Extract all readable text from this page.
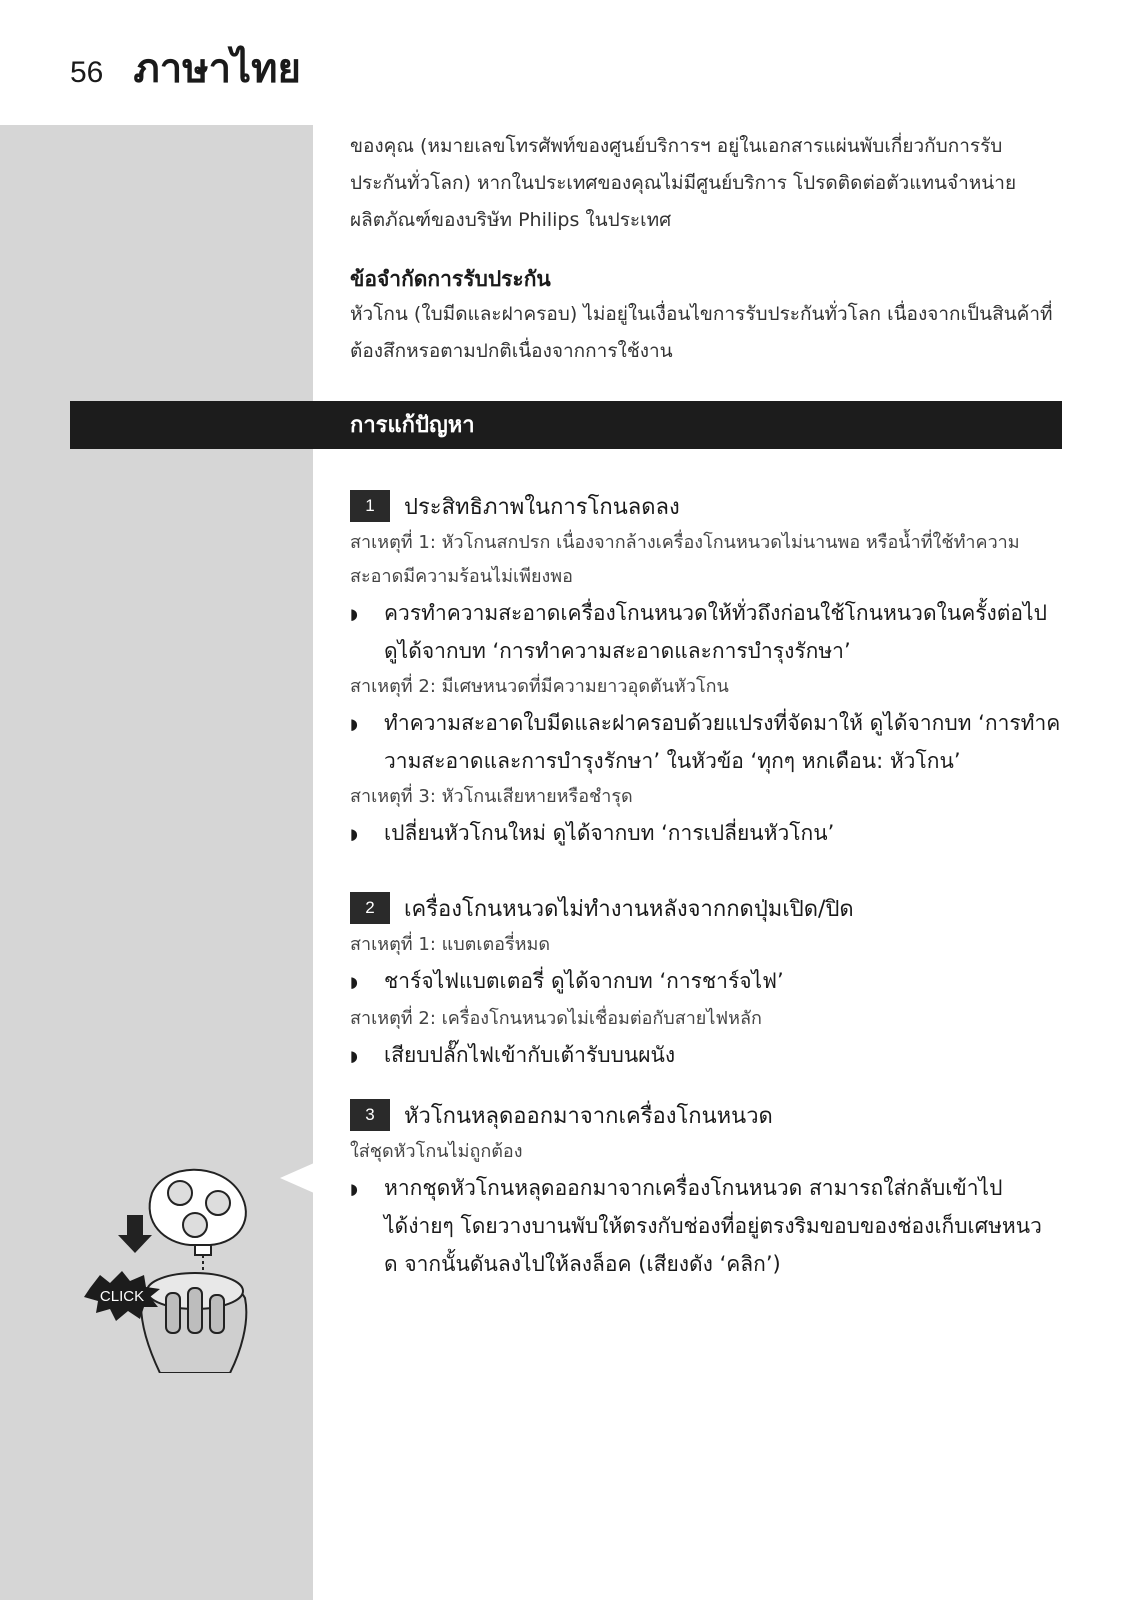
56 ภาษาไทย

ของคุณ (หมายเลขโทรศัพท์ของศูนย์บริการฯ อยู่ในเอกสารแผ่นพับเกี่ยวกับการรับ

ประกันทั่วโลก) หากในประเทศของคุณไม่มีศูนย์บริการ โปรดติดต่อตัวแทนจำหน่าย

ผลิตภัณฑ์ของบริษัท Philips ในประเทศ

ข้อจำกัดการรับประกัน

หัวโกน (ใบมีดและฝาครอบ) ไม่อยู่ในเงื่อนไขการรับประกันทั่วโลก เนื่องจากเป็นสินค้าที่

ต้องสึกหรอตามปกติเนื่องจากการใช้งาน

การแก้ปัญหา
1	ประสิทธิภาพในการโกนลดลง

สาเหตุที่ 1: หัวโกนสกปรก เนื่องจากล้างเครื่องโกนหนวดไม่นานพอ หรือน้ำที่ใช้ทำความ

สะอาดมีความร้อนไม่เพียงพอ

◗	ควรทำความสะอาดเครื่องโกนหนวดให้ทั่วถึงก่อนใช้โกนหนวดในครั้งต่อไป
ดูได้จากบท ‘การทำความสะอาดและการบำรุงรักษา’

สาเหตุที่ 2: มีเศษหนวดที่มีความยาวอุดตันหัวโกน

◗	ทำความสะอาดใบมีดและฝาครอบด้วยแปรงที่จัดมาให้ ดูได้จากบท ‘การทำค
วามสะอาดและการบำรุงรักษา’ ในหัวข้อ ‘ทุกๆ หกเดือน: หัวโกน’

สาเหตุที่ 3: หัวโกนเสียหายหรือชำรุด

◗	เปลี่ยนหัวโกนใหม่ ดูได้จากบท ‘การเปลี่ยนหัวโกน’
2	เครื่องโกนหนวดไม่ทำงานหลังจากกดปุ่มเปิด/ปิด

สาเหตุที่ 1: แบตเตอรี่หมด

◗	ชาร์จไฟแบตเตอรี่ ดูได้จากบท ‘การชาร์จไฟ’

สาเหตุที่ 2: เครื่องโกนหนวดไม่เชื่อมต่อกับสายไฟหลัก

◗	เสียบปลั๊กไฟเข้ากับเต้ารับบนผนัง
3	หัวโกนหลุดออกมาจากเครื่องโกนหนวด

ใส่ชุดหัวโกนไม่ถูกต้อง

◗	หากชุดหัวโกนหลุดออกมาจากเครื่องโกนหนวด สามารถใส่กลับเข้าไป
ได้ง่ายๆ โดยวางบานพับให้ตรงกับช่องที่อยู่ตรงริมขอบของช่องเก็บเศษหนว
ด จากนั้นดันลงไปให้ลงล็อค (เสียงดัง ‘คลิก’)
CLICK
